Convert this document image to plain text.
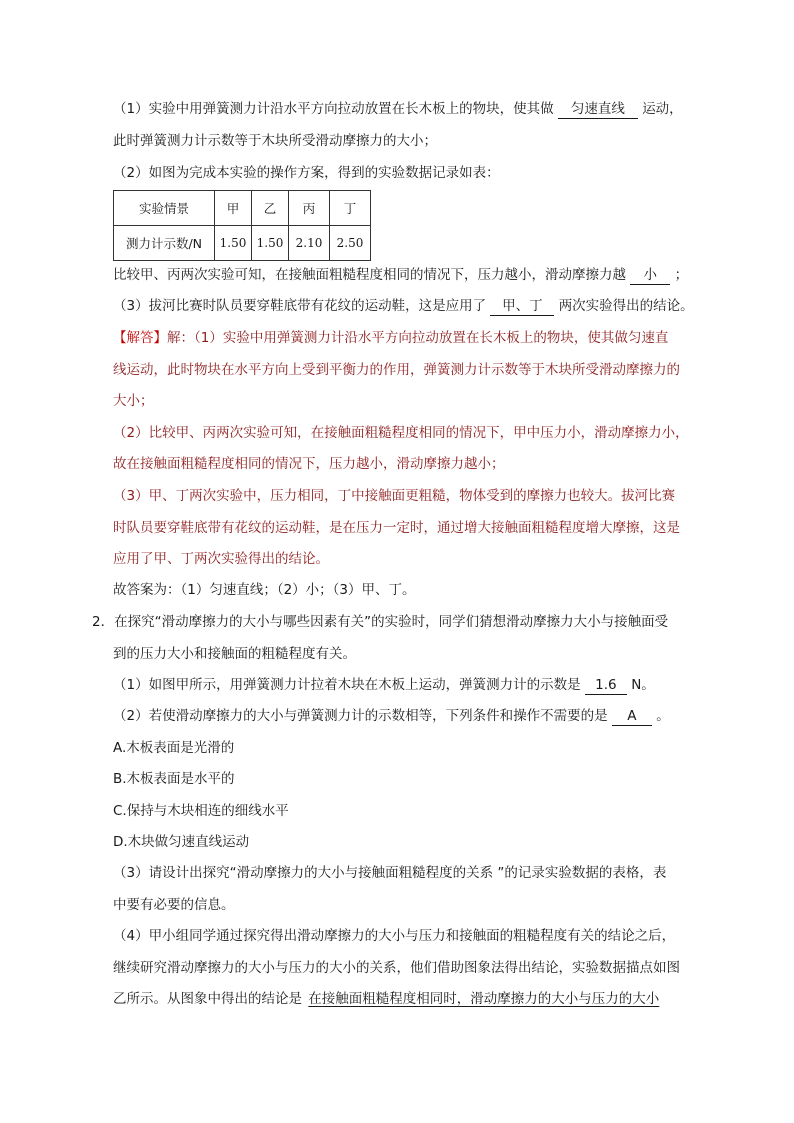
（1）实验中用弹簧测力计沿水平方向拉动放置在长木板上的物块，使其做 匀速直线 运动，
此时弹簧测力计示数等于木块所受滑动摩擦力的大小；
（2）如图为完成本实验的操作方案，得到的实验数据记录如表：
实验情景	甲	乙	丙	丁
测力计示数/N	1.50	1.50	2.10	2.50
比较甲、丙两次实验可知，在接触面粗糙程度相同的情况下，压力越小，滑动摩擦力越 小 ；
（3）拔河比赛时队员要穿鞋底带有花纹的运动鞋，这是应用了 甲、丁 两次实验得出的结论。
【解答】解：（1）实验中用弹簧测力计沿水平方向拉动放置在长木板上的物块，使其做匀速直
线运动，此时物块在水平方向上受到平衡力的作用，弹簧测力计示数等于木块所受滑动摩擦力的
大小；
（2）比较甲、丙两次实验可知，在接触面粗糙程度相同的情况下，甲中压力小，滑动摩擦力小，
故在接触面粗糙程度相同的情况下，压力越小，滑动摩擦力越小；
（3）甲、丁两次实验中，压力相同，丁中接触面更粗糙，物体受到的摩擦力也较大。拔河比赛
时队员要穿鞋底带有花纹的运动鞋，是在压力一定时，通过增大接触面粗糙程度增大摩擦，这是
应用了甲、丁两次实验得出的结论。
故答案为：（1）匀速直线；（2）小；（3）甲、丁。
2．在探究“滑动摩擦力的大小与哪些因素有关”的实验时，同学们猜想滑动摩擦力大小与接触面受
到的压力大小和接触面的粗糙程度有关。
（1）如图甲所示，用弹簧测力计拉着木块在木板上运动，弹簧测力计的示数是 1.6 N。
（2）若使滑动摩擦力的大小与弹簧测力计的示数相等，下列条件和操作不需要的是 A 。
A.木板表面是光滑的
B.木板表面是水平的
C.保持与木块相连的细线水平
D.木块做匀速直线运动
（3）请设计出探究“滑动摩擦力的大小与接触面粗糙程度的关系 ”的记录实验数据的表格，表
中要有必要的信息。
（4）甲小组同学通过探究得出滑动摩擦力的大小与压力和接触面的粗糙程度有关的结论之后，
继续研究滑动摩擦力的大小与压力的大小的关系，他们借助图象法得出结论，实验数据描点如图
乙所示。从图象中得出的结论是 在接触面粗糙程度相同时，滑动摩擦力的大小与压力的大小
